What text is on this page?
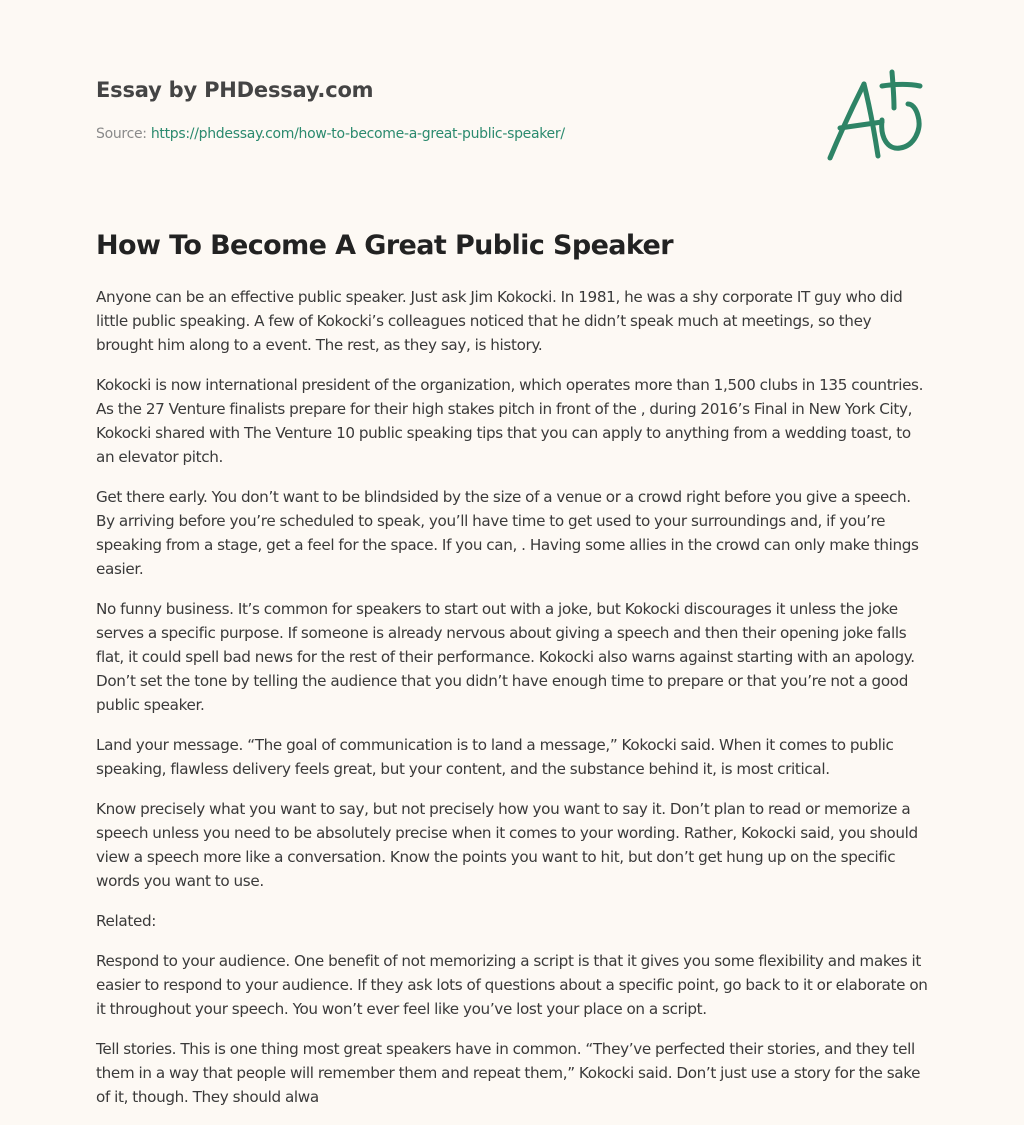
Essay by PHDessay.com
Source: https://phdessay.com/how-to-become-a-great-public-speaker/
How To Become A Great Public Speaker

Anyone can be an effective public speaker. Just ask Jim Kokocki. In 1981, he was a shy corporate IT guy who did little public speaking. A few of Kokocki’s colleagues noticed that he didn’t speak much at meetings, so they brought him along to a event. The rest, as they say, is history.

Kokocki is now international president of the organization, which operates more than 1,500 clubs in 135 countries. As the 27 Venture finalists prepare for their high stakes pitch in front of the , during 2016’s Final in New York City, Kokocki shared with The Venture 10 public speaking tips that you can apply to anything from a wedding toast, to an elevator pitch.

Get there early. You don’t want to be blindsided by the size of a venue or a crowd right before you give a speech. By arriving before you’re scheduled to speak, you’ll have time to get used to your surroundings and, if you’re speaking from a stage, get a feel for the space. If you can, . Having some allies in the crowd can only make things easier.

No funny business. It’s common for speakers to start out with a joke, but Kokocki discourages it unless the joke serves a specific purpose. If someone is already nervous about giving a speech and then their opening joke falls flat, it could spell bad news for the rest of their performance. Kokocki also warns against starting with an apology. Don’t set the tone by telling the audience that you didn’t have enough time to prepare or that you’re not a good public speaker.

Land your message. “The goal of communication is to land a message,” Kokocki said. When it comes to public speaking, flawless delivery feels great, but your content, and the substance behind it, is most critical.

Know precisely what you want to say, but not precisely how you want to say it. Don’t plan to read or memorize a speech unless you need to be absolutely precise when it comes to your wording. Rather, Kokocki said, you should view a speech more like a conversation. Know the points you want to hit, but don’t get hung up on the specific words you want to use.

Related:

Respond to your audience. One benefit of not memorizing a script is that it gives you some flexibility and makes it easier to respond to your audience. If they ask lots of questions about a specific point, go back to it or elaborate on it throughout your speech. You won’t ever feel like you’ve lost your place on a script.

Tell stories. This is one thing most great speakers have in common. “They’ve perfected their stories, and they tell them in a way that people will remember them and repeat them,” Kokocki said. Don’t just use a story for the sake of it, though. They should alwa
